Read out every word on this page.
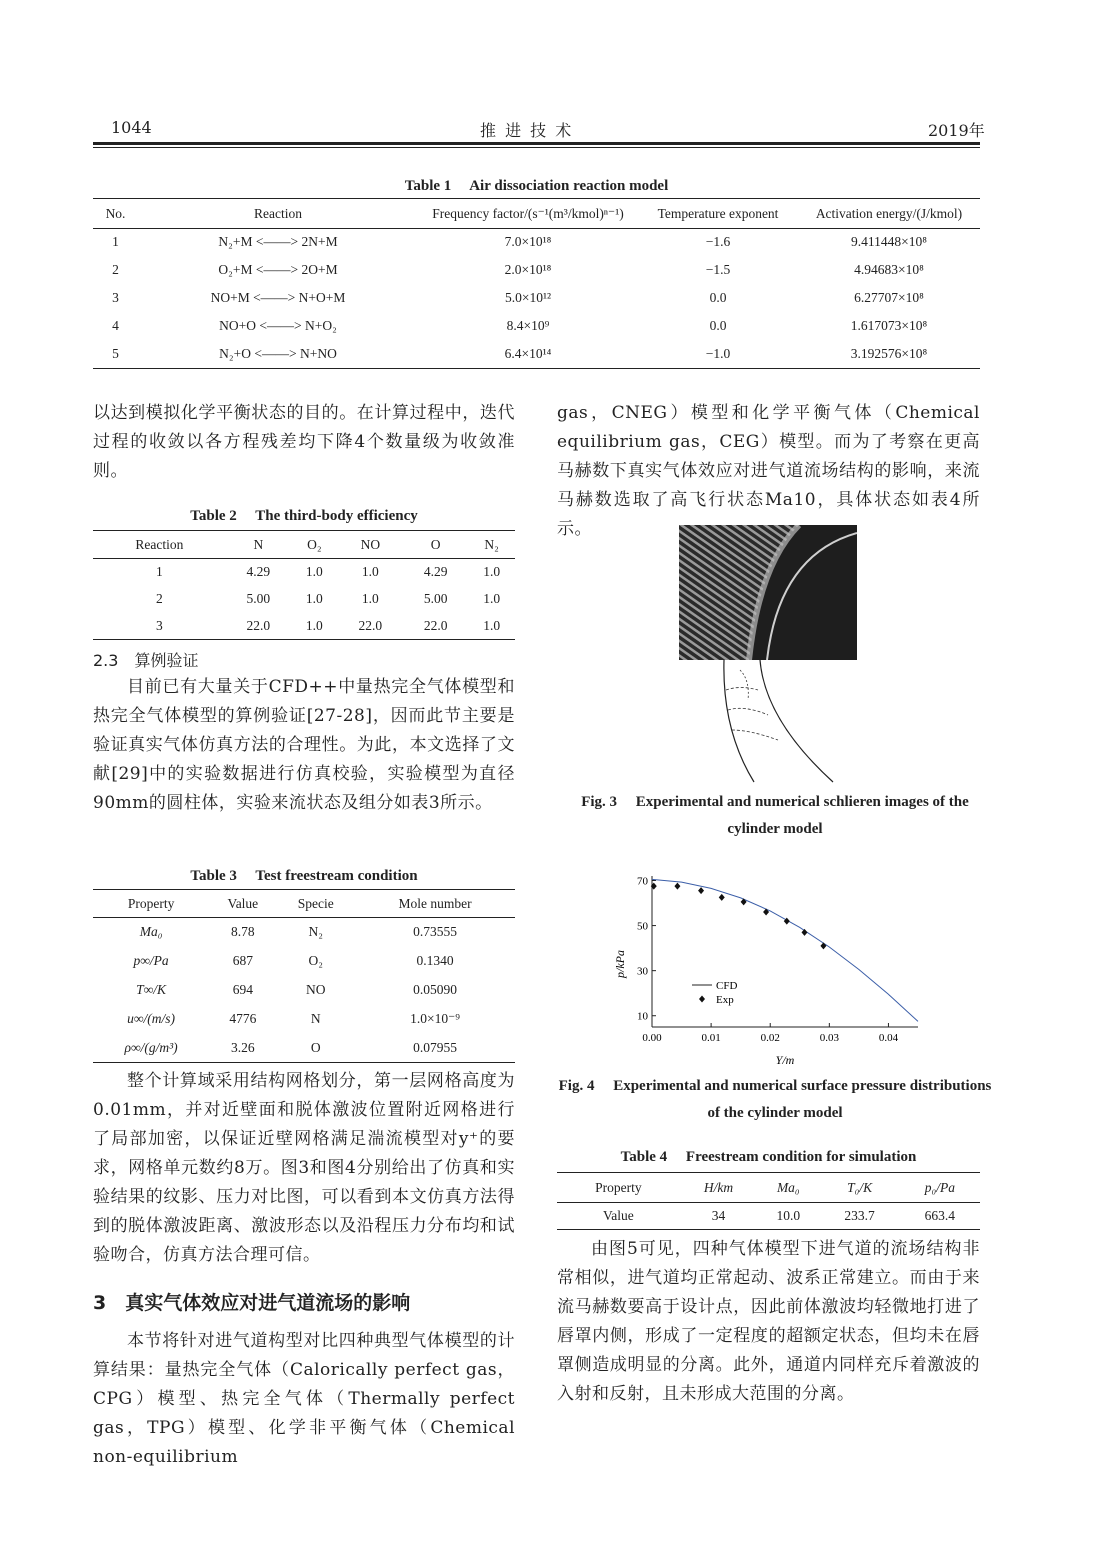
1044	推 进 技 术	2019年
Table 1　 Air dissociation reaction model
No.	Reaction	Frequency factor/(s⁻¹(m³/kmol)ⁿ⁻¹)	Temperature exponent	Activation energy/(J/kmol)
1	N₂+M <——> 2N+M	7.0×10¹⁸	−1.6	9.411448×10⁸
2	O₂+M <——> 2O+M	2.0×10¹⁸	−1.5	4.94683×10⁸
3	NO+M <——> N+O+M	5.0×10¹²	0.0	6.27707×10⁸
4	NO+O <——> N+O₂	8.4×10⁹	0.0	1.617073×10⁸
5	N₂+O <——> N+NO	6.4×10¹⁴	−1.0	3.192576×10⁸
以达到模拟化学平衡状态的目的。在计算过程中，迭代过程的收敛以各方程残差均下降4个数量级为收敛准则。
Table 2　 The third-body efficiency
Reaction	N	O₂	NO	O	N₂
1	4.29	1.0	1.0	4.29	1.0
2	5.00	1.0	1.0	5.00	1.0
3	22.0	1.0	22.0	22.0	1.0
2.3　算例验证
目前已有大量关于CFD++中量热完全气体模型和热完全气体模型的算例验证[27-28]，因而此节主要是验证真实气体仿真方法的合理性。为此，本文选择了文献[29]中的实验数据进行仿真校验，实验模型为直径90mm的圆柱体，实验来流状态及组分如表3所示。
Table 3　 Test freestream condition
Property	Value	Specie	Mole number
Ma₀	8.78	N₂	0.73555
p∞/Pa	687	O₂	0.1340
T∞/K	694	NO	0.05090
u∞/(m/s)	4776	N	1.0×10⁻⁹
ρ∞/(g/m³)	3.26	O	0.07955
整个计算域采用结构网格划分，第一层网格高度为0.01mm，并对近壁面和脱体激波位置附近网格进行了局部加密，以保证近壁网格满足湍流模型对y⁺的要求，网格单元数约8万。图3和图4分别给出了仿真和实验结果的纹影、压力对比图，可以看到本文仿真方法得到的脱体激波距离、激波形态以及沿程压力分布均和试验吻合，仿真方法合理可信。
3　真实气体效应对进气道流场的影响
本节将针对进气道构型对比四种典型气体模型的计算结果：量热完全气体（Calorically perfect gas，CPG）模型、热完全气体（Thermally perfect gas，TPG）模型、化学非平衡气体（Chemical non-equilibrium
gas，CNEG）模型和化学平衡气体（Chemical equilibrium gas，CEG）模型。而为了考察在更高马赫数下真实气体效应对进气道流场结构的影响，来流马赫数选取了高飞行状态Ma10，具体状态如表4所示。
Fig. 3　 Experimental and numerical schlieren images of the cylinder model
0.00	0.01	0.02	0.03	0.04
10
30
50
70
CFD
Exp
p/kPa
Y/m
Fig. 4　 Experimental and numerical surface pressure distributions of the cylinder model
Table 4　 Freestream condition for simulation
Property	H/km	Ma₀	T₀/K	p₀/Pa
Value	34	10.0	233.7	663.4
由图5可见，四种气体模型下进气道的流场结构非常相似，进气道均正常起动、波系正常建立。而由于来流马赫数要高于设计点，因此前体激波均轻微地打进了唇罩内侧，形成了一定程度的超额定状态，但均未在唇罩侧造成明显的分离。此外，通道内同样充斥着激波的入射和反射，且未形成大范围的分离。
